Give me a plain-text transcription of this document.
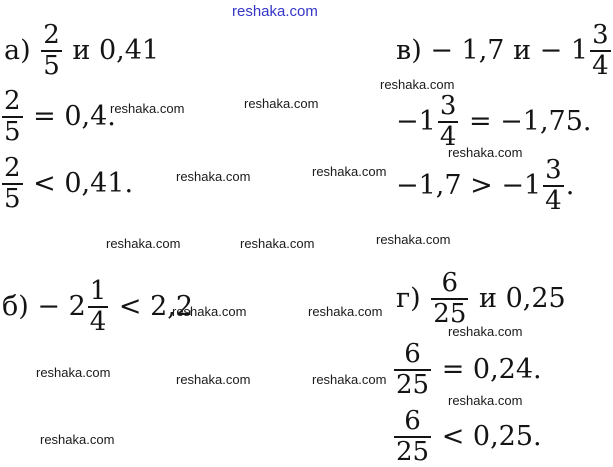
reshaka.com
reshaka.com
reshaka.com	reshaka.com
reshaka.com
reshaka.com	reshaka.com
reshaka.com	reshaka.com	reshaka.com
reshaka.com	reshaka.com
reshaka.com
reshaka.com	reshaka.com	reshaka.com
reshaka.com
reshaka.com
$а) \frac{2}{5}$ и 0,41
$\frac{2}{5} = 0,4$.
$\frac{2}{5} < 0,41$.
в) − 1,7 $и - 1 \frac{3}{4}$
$-1 \frac{3}{4} = -1,75$.
$-1,7 > -1 \frac{3}{4}$ .
$б) - 2 \frac{1}{4} < 2,2$	$г) \frac{6}{25}$ и 0,25
$\frac{6}{25} = 0,24$.
$\frac{6}{25} < 0,25$.
